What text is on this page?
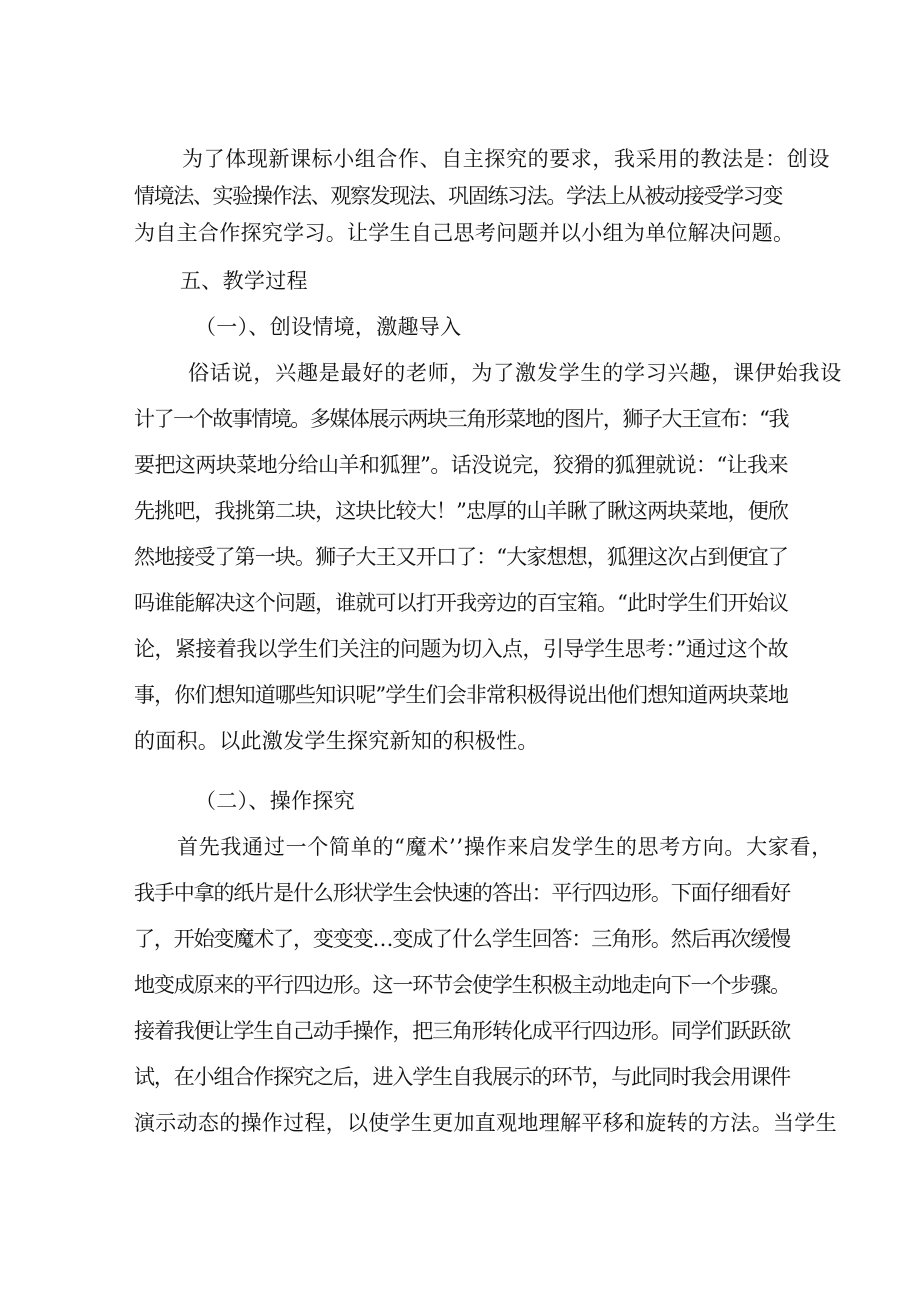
为了体现新课标小组合作、自主探究的要求，我采用的教法是：创设

情境法、实验操作法、观察发现法、巩固练习法。学法上从被动接受学习变

为自主合作探究学习。让学生自己思考问题并以小组为单位解决问题。

五、教学过程

（一）、创设情境，激趣导入

俗话说，兴趣是最好的老师，为了激发学生的学习兴趣，课伊始我设

计了一个故事情境。多媒体展示两块三角形菜地的图片，狮子大王宣布：“我

要把这两块菜地分给山羊和狐狸”。话没说完，狡猾的狐狸就说：“让我来

先挑吧，我挑第二块，这块比较大！”忠厚的山羊瞅了瞅这两块菜地，便欣

然地接受了第一块。狮子大王又开口了：“大家想想，狐狸这次占到便宜了

吗谁能解决这个问题，谁就可以打开我旁边的百宝箱。“此时学生们开始议

论，紧接着我以学生们关注的问题为切入点，引导学生思考：”通过这个故

事，你们想知道哪些知识呢”学生们会非常积极得说出他们想知道两块菜地

的面积。以此激发学生探究新知的积极性。

（二）、操作探究

首先我通过一个简单的“魔术’’操作来启发学生的思考方向。大家看，

我手中拿的纸片是什么形状学生会快速的答出：平行四边形。下面仔细看好

了，开始变魔术了，变变变…变成了什么学生回答：三角形。然后再次缓慢

地变成原来的平行四边形。这一环节会使学生积极主动地走向下一个步骤。

接着我便让学生自己动手操作，把三角形转化成平行四边形。同学们跃跃欲

试，在小组合作探究之后，进入学生自我展示的环节，与此同时我会用课件

演示动态的操作过程，以使学生更加直观地理解平移和旋转的方法。当学生
